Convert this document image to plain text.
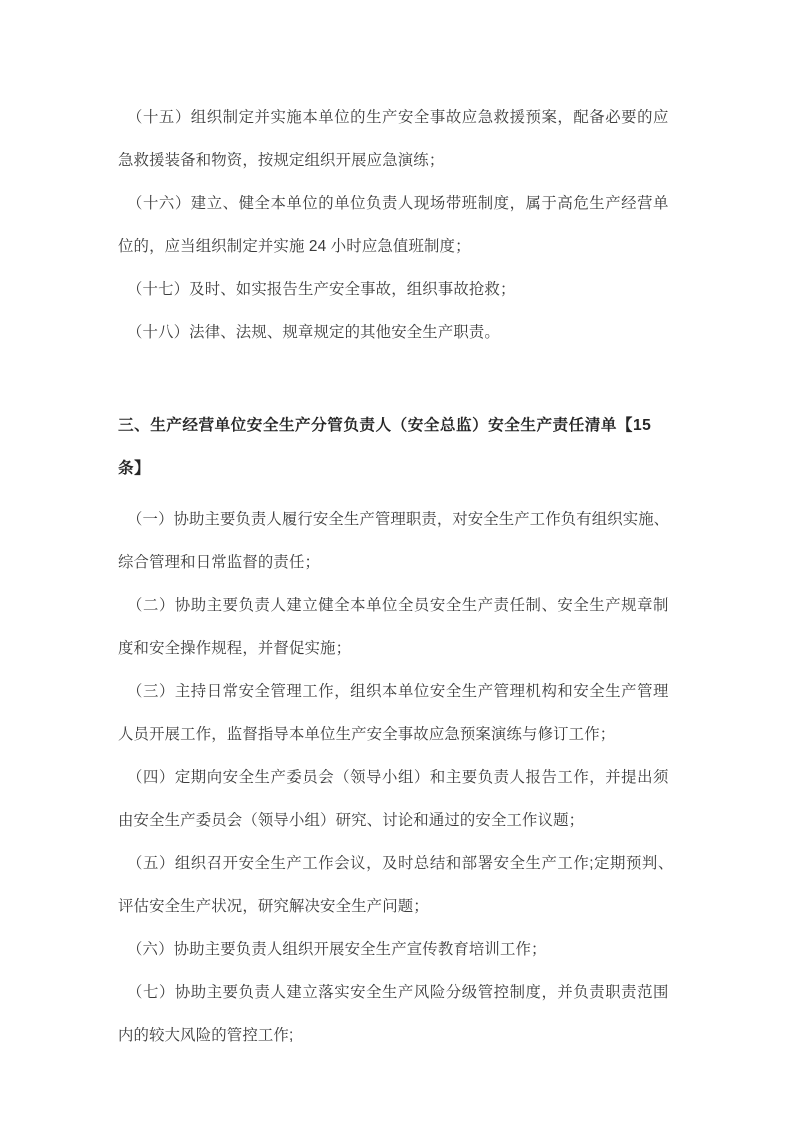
（十五）组织制定并实施本单位的生产安全事故应急救援预案，配备必要的应
急救援装备和物资，按规定组织开展应急演练；
（十六）建立、健全本单位的单位负责人现场带班制度，属于高危生产经营单
位的，应当组织制定并实施 24 小时应急值班制度；
（十七）及时、如实报告生产安全事故，组织事故抢救；
（十八）法律、法规、规章规定的其他安全生产职责。
三、生产经营单位安全生产分管负责人（安全总监）安全生产责任清单【15
条】
（一）协助主要负责人履行安全生产管理职责，对安全生产工作负有组织实施、
综合管理和日常监督的责任；
（二）协助主要负责人建立健全本单位全员安全生产责任制、安全生产规章制
度和安全操作规程，并督促实施；
（三）主持日常安全管理工作，组织本单位安全生产管理机构和安全生产管理
人员开展工作，监督指导本单位生产安全事故应急预案演练与修订工作；
（四）定期向安全生产委员会（领导小组）和主要负责人报告工作，并提出须
由安全生产委员会（领导小组）研究、讨论和通过的安全工作议题；
（五）组织召开安全生产工作会议，及时总结和部署安全生产工作;定期预判、
评估安全生产状况，研究解决安全生产问题；
（六）协助主要负责人组织开展安全生产宣传教育培训工作；
（七）协助主要负责人建立落实安全生产风险分级管控制度，并负责职责范围
内的较大风险的管控工作;
